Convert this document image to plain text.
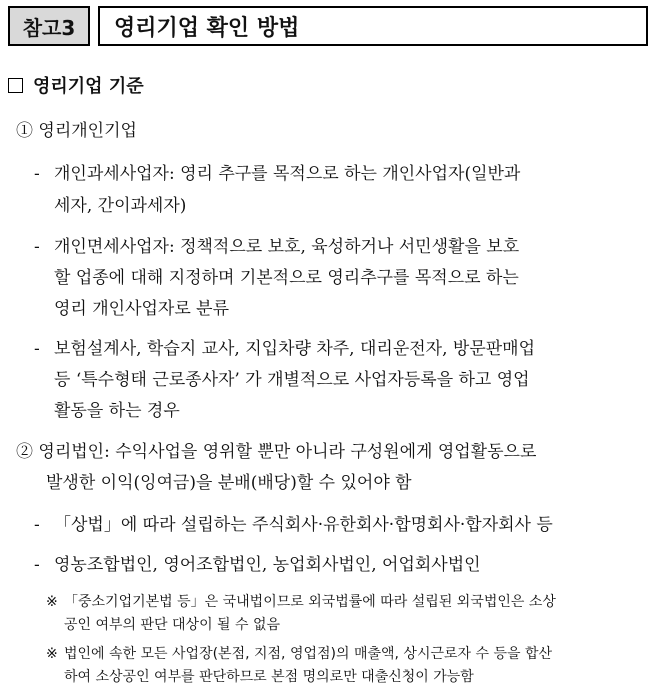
참고3	영리기업 확인 방법
영리기업 기준
① 영리개인기업
- 개인과세사업자: 영리 추구를 목적으로 하는 개인사업자(일반과
세자, 간이과세자)
- 개인면세사업자: 정책적으로 보호, 육성하거나 서민생활을 보호
할 업종에 대해 지정하며 기본적으로 영리추구를 목적으로 하는
영리 개인사업자로 분류
- 보험설계사, 학습지 교사, 지입차량 차주, 대리운전자, 방문판매업
등 ‘특수형태 근로종사자’ 가 개별적으로 사업자등록을 하고 영업
활동을 하는 경우
② 영리법인: 수익사업을 영위할 뿐만 아니라 구성원에게 영업활동으로
발생한 이익(잉여금)을 분배(배당)할 수 있어야 함
- 「상법」에 따라 설립하는 주식회사·유한회사·합명회사·합자회사 등
- 영농조합법인, 영어조합법인, 농업회사법인, 어업회사법인
※ 「중소기업기본법 등」은 국내법이므로 외국법률에 따라 설립된 외국법인은 소상
공인 여부의 판단 대상이 될 수 없음
※ 법인에 속한 모든 사업장(본점, 지점, 영업점)의 매출액, 상시근로자 수 등을 합산
하여 소상공인 여부를 판단하므로 본점 명의로만 대출신청이 가능함
